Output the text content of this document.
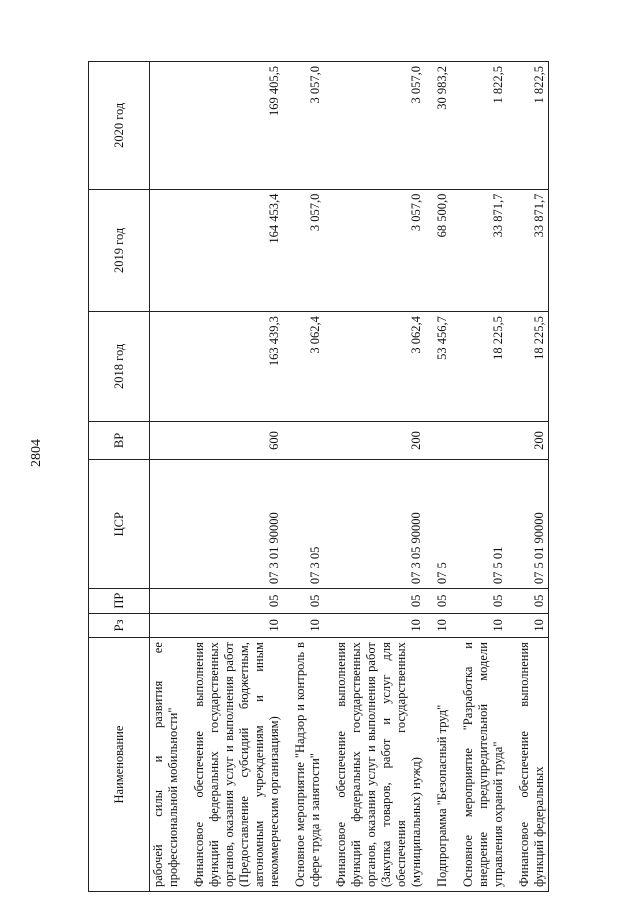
2804
Наименование	Рз	ПР	ЦСР	ВР	2018 год	2019 год	2020 год
рабочей силы и развития ее профессиональной мобильности"							
Финансовое обеспечение выполнения функций федеральных государственных органов, оказания услуг и выполнения работ (Предоставление субсидий бюджетным, автономным учреждениям и иным некоммерческим организациям)	10	05	07 3 01 90000	600	163 439,3	164 453,4	169 405,5
Основное мероприятие "Надзор и контроль в сфере труда и занятости"	10	05	07 3 05		3 062,4	3 057,0	3 057,0
Финансовое обеспечение выполнения функций федеральных государственных органов, оказания услуг и выполнения работ (Закупка товаров, работ и услуг для обеспечения государственных (муниципальных) нужд)	10	05	07 3 05 90000	200	3 062,4	3 057,0	3 057,0
Подпрограмма "Безопасный труд"	10	05	07 5		53 456,7	68 500,0	30 983,2
Основное мероприятие "Разработка и внедрение предупредительной модели управления охраной труда"	10	05	07 5 01		18 225,5	33 871,7	1 822,5
Финансовое обеспечение выполнения функций федеральных	10	05	07 5 01 90000	200	18 225,5	33 871,7	1 822,5
